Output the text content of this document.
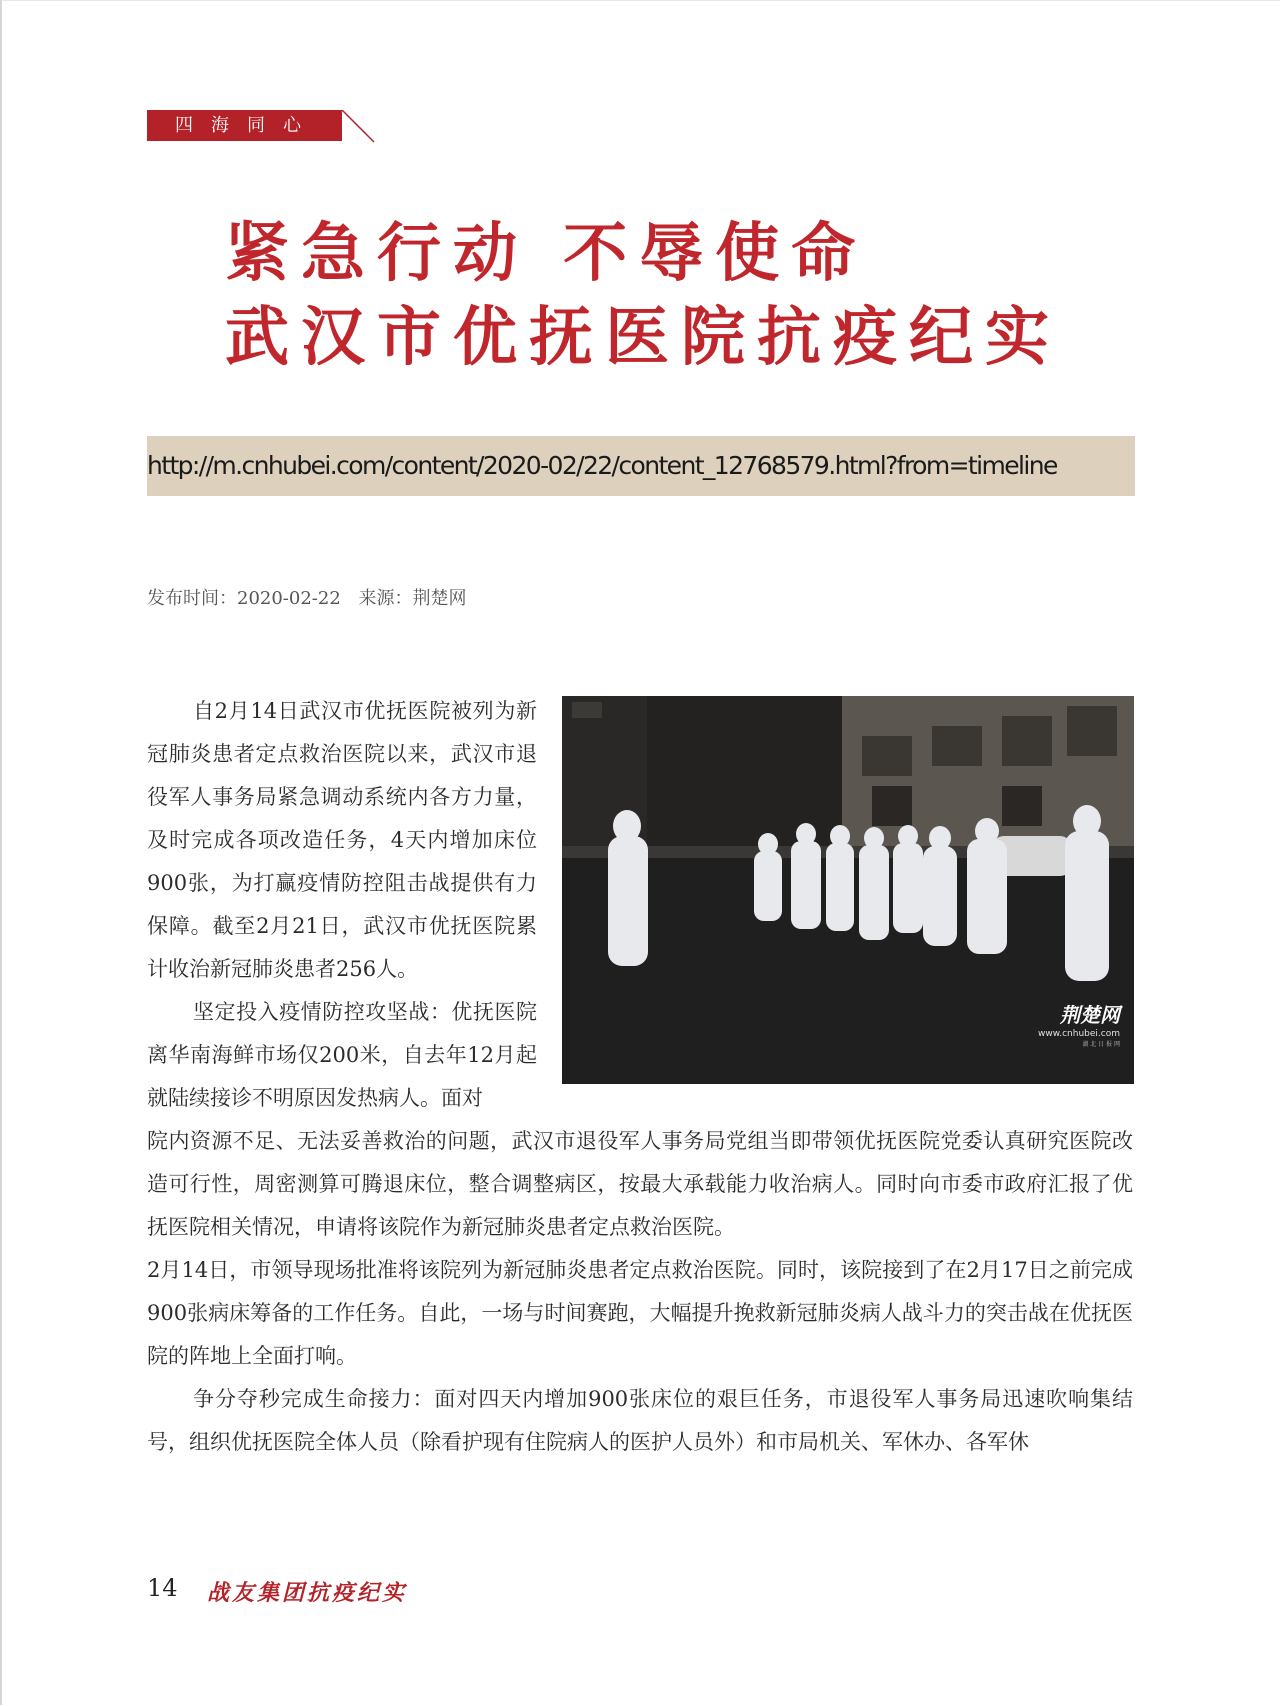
四海同心
紧急行动 不辱使命
武汉市优抚医院抗疫纪实
http://m.cnhubei.com/content/2020-02/22/content_12768579.html?from=timeline
发布时间：2020-02-22 来源：荆楚网
荆楚网
www.cnhubei.com
湖 北 日 报 网

自2月14日武汉市优抚医院被列为新冠肺炎患者定点救治医院以来，武汉市退役军人事务局紧急调动系统内各方力量，及时完成各项改造任务，4天内增加床位900张，为打赢疫情防控阻击战提供有力保障。截至2月21日，武汉市优抚医院累计收治新冠肺炎患者256人。

坚定投入疫情防控攻坚战：优抚医院离华南海鲜市场仅200米，自去年12月起就陆续接诊不明原因发热病人。面对

院内资源不足、无法妥善救治的问题，武汉市退役军人事务局党组当即带领优抚医院党委认真研究医院改造可行性，周密测算可腾退床位，整合调整病区，按最大承载能力收治病人。同时向市委市政府汇报了优抚医院相关情况，申请将该院作为新冠肺炎患者定点救治医院。

2月14日，市领导现场批准将该院列为新冠肺炎患者定点救治医院。同时，该院接到了在2月17日之前完成900张病床筹备的工作任务。自此，一场与时间赛跑，大幅提升挽救新冠肺炎病人战斗力的突击战在优抚医院的阵地上全面打响。

争分夺秒完成生命接力：面对四天内增加900张床位的艰巨任务，市退役军人事务局迅速吹响集结号，组织优抚医院全体人员（除看护现有住院病人的医护人员外）和市局机关、军休办、各军休

14 战友集团抗疫纪实
